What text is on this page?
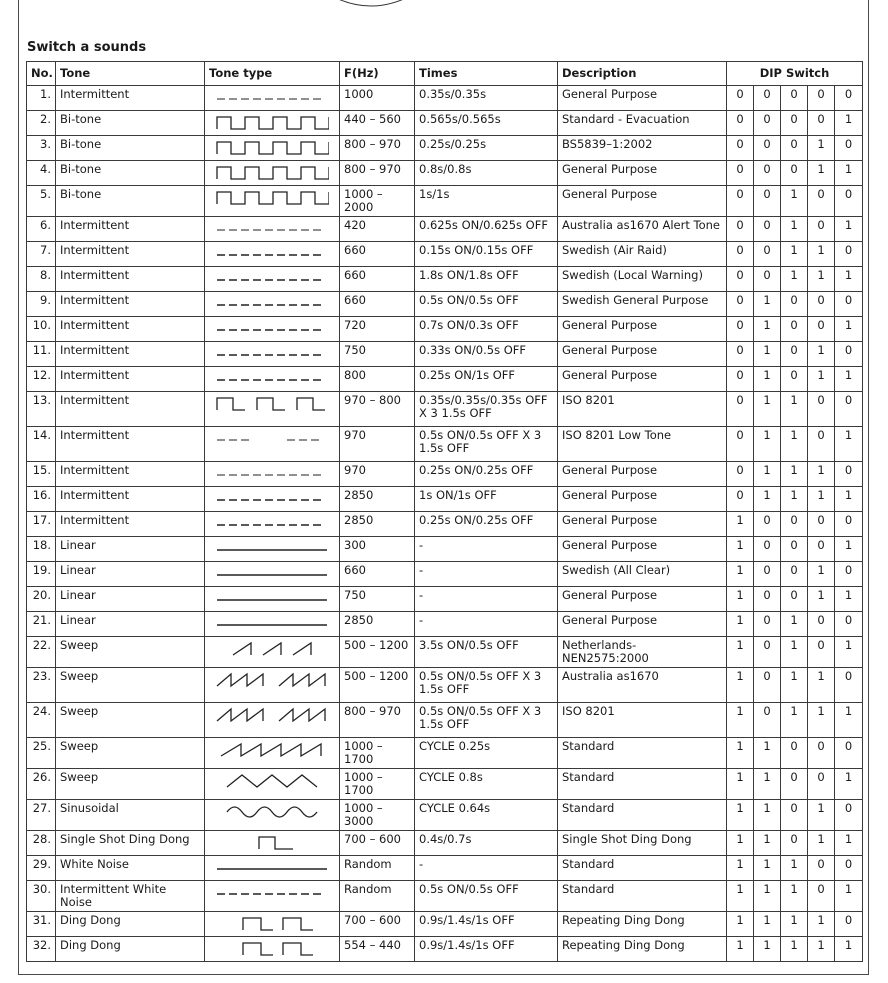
Switch a sounds
No.	Tone	Tone type	F(Hz)	Times	Description	DIP Switch				
1.	Intermittent		1000	0.35s/0.35s	General Purpose	0	0	0	0	0
2.	Bi-tone		440 – 560	0.565s/0.565s	Standard - Evacuation	0	0	0	0	1
3.	Bi-tone		800 – 970	0.25s/0.25s	BS5839–1:2002	0	0	0	1	0
4.	Bi-tone		800 – 970	0.8s/0.8s	General Purpose	0	0	0	1	1
5.	Bi-tone		1000 – 2000	1s/1s	General Purpose	0	0	1	0	0
6.	Intermittent		420	0.625s ON/0.625s OFF	Australia as1670 Alert Tone	0	0	1	0	1
7.	Intermittent		660	0.15s ON/0.15s OFF	Swedish (Air Raid)	0	0	1	1	0
8.	Intermittent		660	1.8s ON/1.8s OFF	Swedish (Local Warning)	0	0	1	1	1
9.	Intermittent		660	0.5s ON/0.5s OFF	Swedish General Purpose	0	1	0	0	0
10.	Intermittent		720	0.7s ON/0.3s OFF	General Purpose	0	1	0	0	1
11.	Intermittent		750	0.33s ON/0.5s OFF	General Purpose	0	1	0	1	0
12.	Intermittent		800	0.25s ON/1s OFF	General Purpose	0	1	0	1	1
13.	Intermittent		970 – 800	0.35s/0.35s/0.35s OFF X 3 1.5s OFF	ISO 8201	0	1	1	0	0
14.	Intermittent		970	0.5s ON/0.5s OFF X 3 1.5s OFF	ISO 8201 Low Tone	0	1	1	0	1
15.	Intermittent		970	0.25s ON/0.25s OFF	General Purpose	0	1	1	1	0
16.	Intermittent		2850	1s ON/1s OFF	General Purpose	0	1	1	1	1
17.	Intermittent		2850	0.25s ON/0.25s OFF	General Purpose	1	0	0	0	0
18.	Linear		300	-	General Purpose	1	0	0	0	1
19.	Linear		660	-	Swedish (All Clear)	1	0	0	1	0
20.	Linear		750	-	General Purpose	1	0	0	1	1
21.	Linear		2850	-	General Purpose	1	0	1	0	0
22.	Sweep		500 – 1200	3.5s ON/0.5s OFF	Netherlands-NEN2575:2000	1	0	1	0	1
23.	Sweep		500 – 1200	0.5s ON/0.5s OFF X 3 1.5s OFF	Australia as1670	1	0	1	1	0
24.	Sweep		800 – 970	0.5s ON/0.5s OFF X 3 1.5s OFF	ISO 8201	1	0	1	1	1
25.	Sweep		1000 – 1700	CYCLE 0.25s	Standard	1	1	0	0	0
26.	Sweep		1000 – 1700	CYCLE 0.8s	Standard	1	1	0	0	1
27.	Sinusoidal		1000 – 3000	CYCLE 0.64s	Standard	1	1	0	1	0
28.	Single Shot Ding Dong		700 – 600	0.4s/0.7s	Single Shot Ding Dong	1	1	0	1	1
29.	White Noise		Random	-	Standard	1	1	1	0	0
30.	Intermittent White Noise		Random	0.5s ON/0.5s OFF	Standard	1	1	1	0	1
31.	Ding Dong		700 – 600	0.9s/1.4s/1s OFF	Repeating Ding Dong	1	1	1	1	0
32.	Ding Dong		554 – 440	0.9s/1.4s/1s OFF	Repeating Ding Dong	1	1	1	1	1
